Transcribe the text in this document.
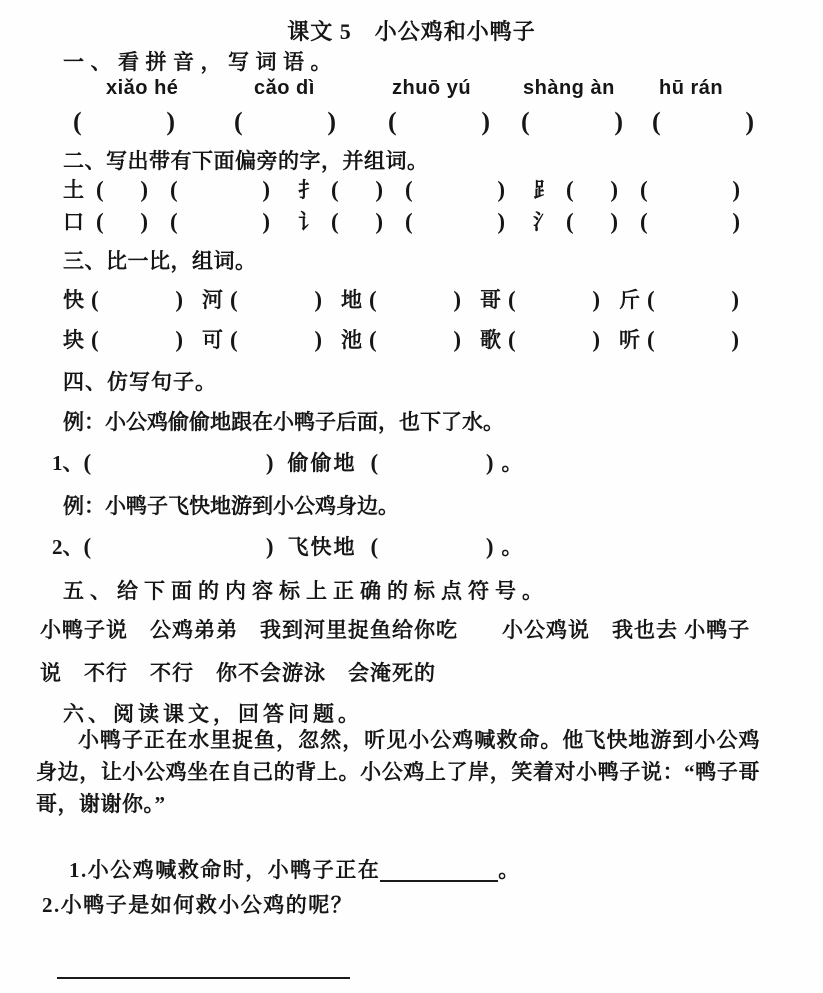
课文 5　小公鸡和小鸭子
一、看拼音，写词语。
xiǎo hé	cǎo dì	zhuō yú	shàng àn hū rán
(	) (	) (	) (	) (	)
二、写出带有下面偏旁的字，并组词。
土 ( ) (	) 扌 ( ) (	) ⻊ ( ) (	)
口 ( ) (	) 讠 ( ) (	) 氵 ( ) (	)
三、比一比，组词。
快 (	) 河 (	) 地 (	) 哥 (	) 斤 (	)
块 (	) 可 (	) 池 (	) 歌 (	) 听 (	)
四、仿写句子。
例：小公鸡偷偷地跟在小鸭子后面，也下了水。
1、 (	) 偷偷地 (	) 。
例：小鸭子飞快地游到小公鸡身边。
2、 (	) 飞快地 (	) 。
五、给下面的内容标上正确的标点符号。
小鸭子说　公鸡弟弟　我到河里捉鱼给你吃　　小公鸡说　我也去 小鸭子
说　不行　不行　你不会游泳　会淹死的
六、阅读课文，回答问题。
小鸭子正在水里捉鱼，忽然，听见小公鸡喊救命。他飞快地游到小公鸡身边，让小公鸡坐在自己的背上。小公鸡上了岸，笑着对小鸭子说：“鸭子哥哥，谢谢你。”

1.小公鸡喊救命时，小鸭子正在	。

2.小鸭子是如何救小公鸡的呢？
